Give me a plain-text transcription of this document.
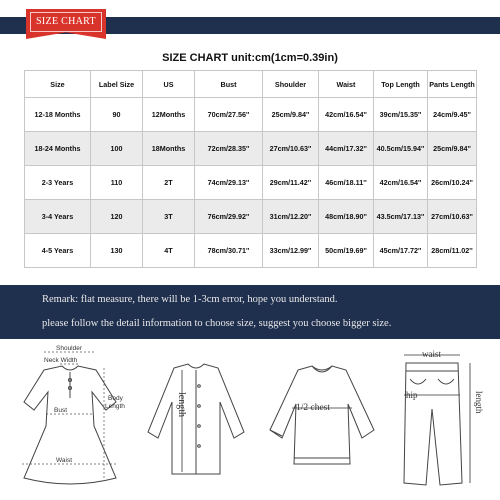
SIZE CHART
SIZE CHART unit:cm(1cm=0.39in)
Size	Label Size	US	Bust	Shoulder	Waist	Top Length	Pants Length
12-18 Months	90	12Months	70cm/27.56''	25cm/9.84''	42cm/16.54''	39cm/15.35''	24cm/9.45''
18-24 Months	100	18Months	72cm/28.35''	27cm/10.63''	44cm/17.32''	40.5cm/15.94''	25cm/9.84''
2-3 Years	110	2T	74cm/29.13''	29cm/11.42''	46cm/18.11''	42cm/16.54''	26cm/10.24''
3-4 Years	120	3T	76cm/29.92''	31cm/12.20''	48cm/18.90''	43.5cm/17.13''	27cm/10.63''
4-5 Years	130	4T	78cm/30.71''	33cm/12.99''	50cm/19.69''	45cm/17.72''	28cm/11.02''
Remark: flat measure, there will be 1-3cm error, hope you understand.
please follow the detail information to choose size, suggest you choose bigger size.
Shoulder
Neck Width
Body
Length
Bust
Waist
length	1/2 chest
waist
hip	length
